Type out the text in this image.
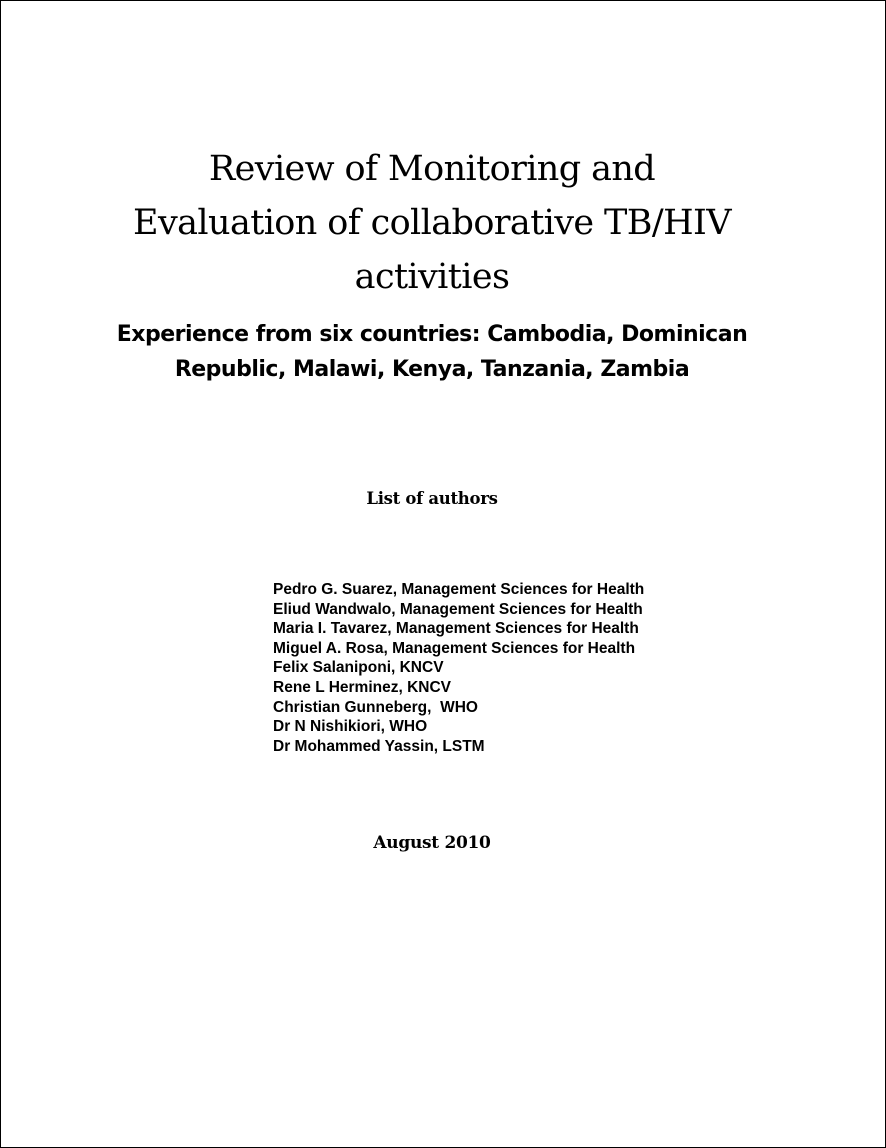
Review of Monitoring and
Evaluation of collaborative TB/HIV
activities
Experience from six countries: Cambodia, Dominican
Republic, Malawi, Kenya, Tanzania, Zambia
List of authors
Pedro G. Suarez, Management Sciences for Health
Eliud Wandwalo, Management Sciences for Health
Maria I. Tavarez, Management Sciences for Health
Miguel A. Rosa, Management Sciences for Health
Felix Salaniponi, KNCV
Rene L Herminez, KNCV
Christian Gunneberg,  WHO
Dr N Nishikiori, WHO
Dr Mohammed Yassin, LSTM

August 2010
